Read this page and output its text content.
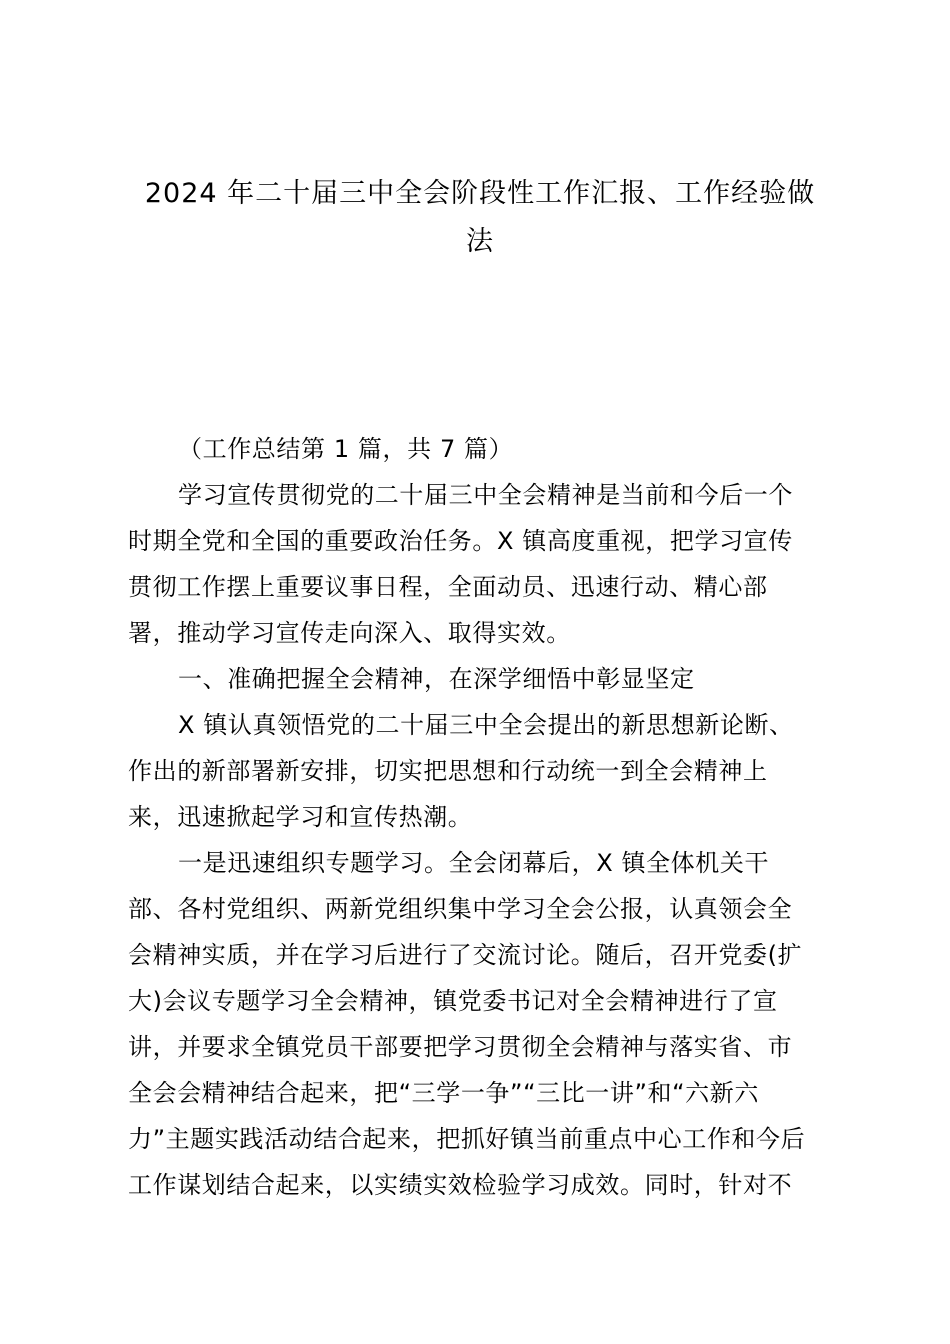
2024 年二十届三中全会阶段性工作汇报、工作经验做
法
（工作总结第 1 篇，共 7 篇）
学习宣传贯彻党的二十届三中全会精神是当前和今后一个
时期全党和全国的重要政治任务。X 镇高度重视，把学习宣传
贯彻工作摆上重要议事日程，全面动员、迅速行动、精心部
署，推动学习宣传走向深入、取得实效。
一、准确把握全会精神，在深学细悟中彰显坚定
X 镇认真领悟党的二十届三中全会提出的新思想新论断、
作出的新部署新安排，切实把思想和行动统一到全会精神上
来，迅速掀起学习和宣传热潮。
一是迅速组织专题学习。全会闭幕后，X 镇全体机关干
部、各村党组织、两新党组织集中学习全会公报，认真领会全
会精神实质，并在学习后进行了交流讨论。随后，召开党委(扩
大)会议专题学习全会精神，镇党委书记对全会精神进行了宣
讲，并要求全镇党员干部要把学习贯彻全会精神与落实省、市
全会会精神结合起来，把“三学一争”“三比一讲”和“六新六
力”主题实践活动结合起来，把抓好镇当前重点中心工作和今后
工作谋划结合起来，以实绩实效检验学习成效。同时，针对不
